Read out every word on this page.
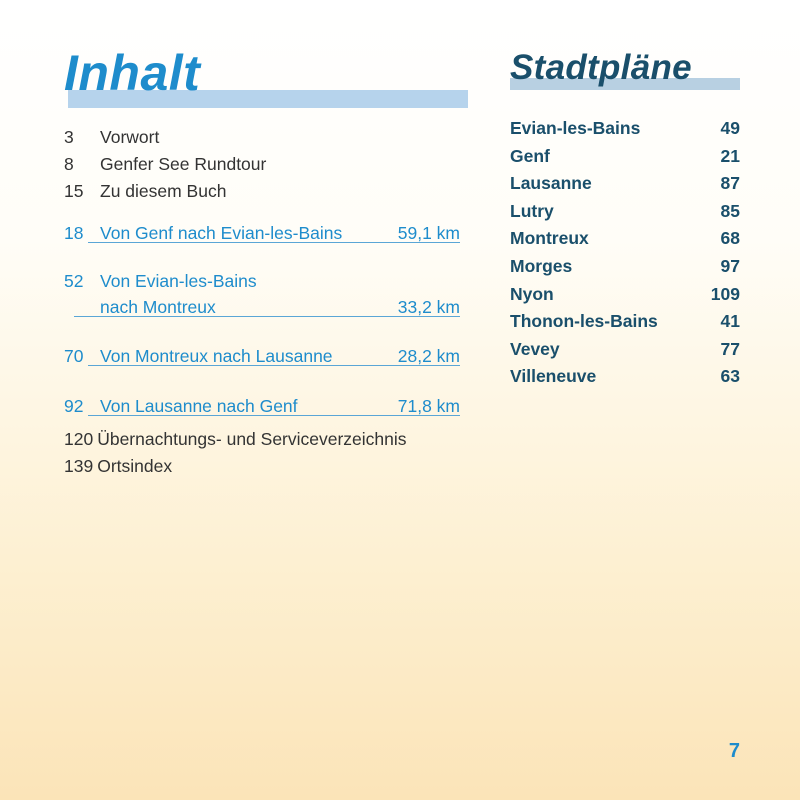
Inhalt
3 Vorwort
8 Genfer See Rundtour
15 Zu diesem Buch
18 Von Genf nach Evian-les-Bains	59,1 km
52 Von Evian-les-Bains
nach Montreux	33,2 km
70 Von Montreux nach Lausanne	28,2 km
92 Von Lausanne nach Genf	71,8 km
120 Übernachtungs- und Serviceverzeichnis
139 Ortsindex
Stadtpläne
Evian-les-Bains	49
Genf	21
Lausanne	87
Lutry	85
Montreux	68
Morges	97
Nyon	109
Thonon-les-Bains	41
Vevey	77
Villeneuve	63
7
